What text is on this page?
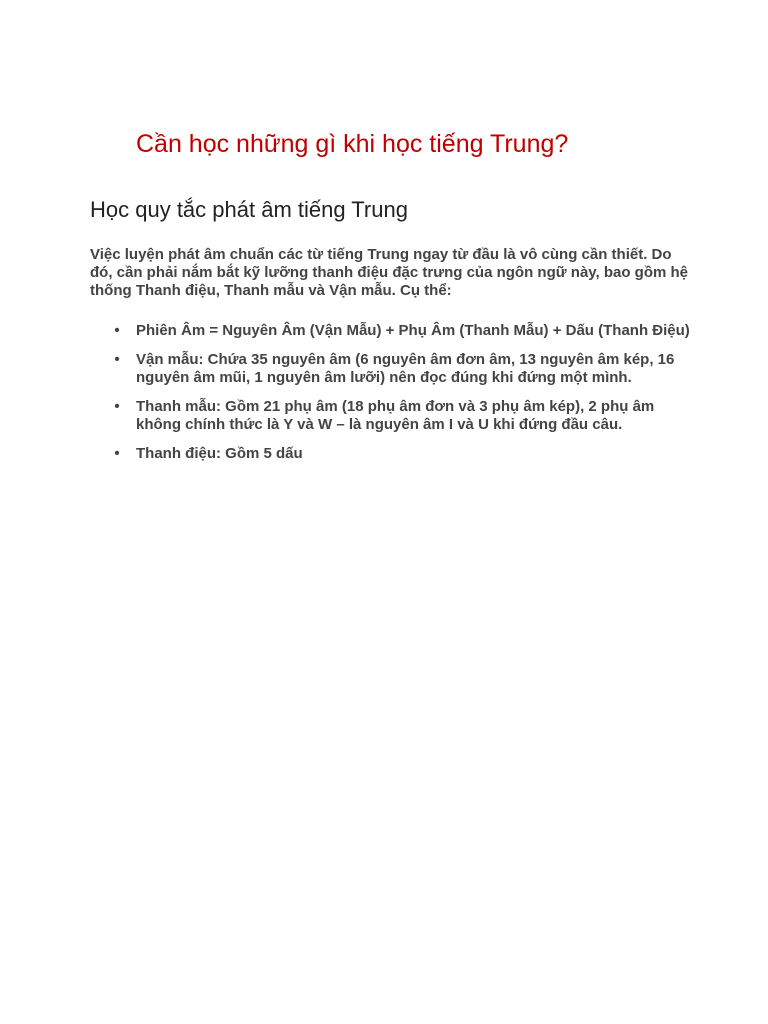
Cần học những gì khi học tiếng Trung?
Học quy tắc phát âm tiếng Trung

Việc luyện phát âm chuẩn các từ tiếng Trung ngay từ đầu là vô cùng cần thiết. Do đó, cần phải nắm bắt kỹ lưỡng thanh điệu đặc trưng của ngôn ngữ này, bao gồm hệ thống Thanh điệu, Thanh mẫu và Vận mẫu. Cụ thể:

• Phiên Âm = Nguyên Âm (Vận Mẫu) + Phụ Âm (Thanh Mẫu) + Dấu (Thanh Điệu)
• Vận mẫu: Chứa 35 nguyên âm (6 nguyên âm đơn âm, 13 nguyên âm kép, 16 nguyên âm mũi, 1 nguyên âm lưỡi) nên đọc đúng khi đứng một mình.
• Thanh mẫu: Gồm 21 phụ âm (18 phụ âm đơn và 3 phụ âm kép), 2 phụ âm không chính thức là Y và W – là nguyên âm I và U khi đứng đầu câu.
• Thanh điệu: Gồm 5 dấu
